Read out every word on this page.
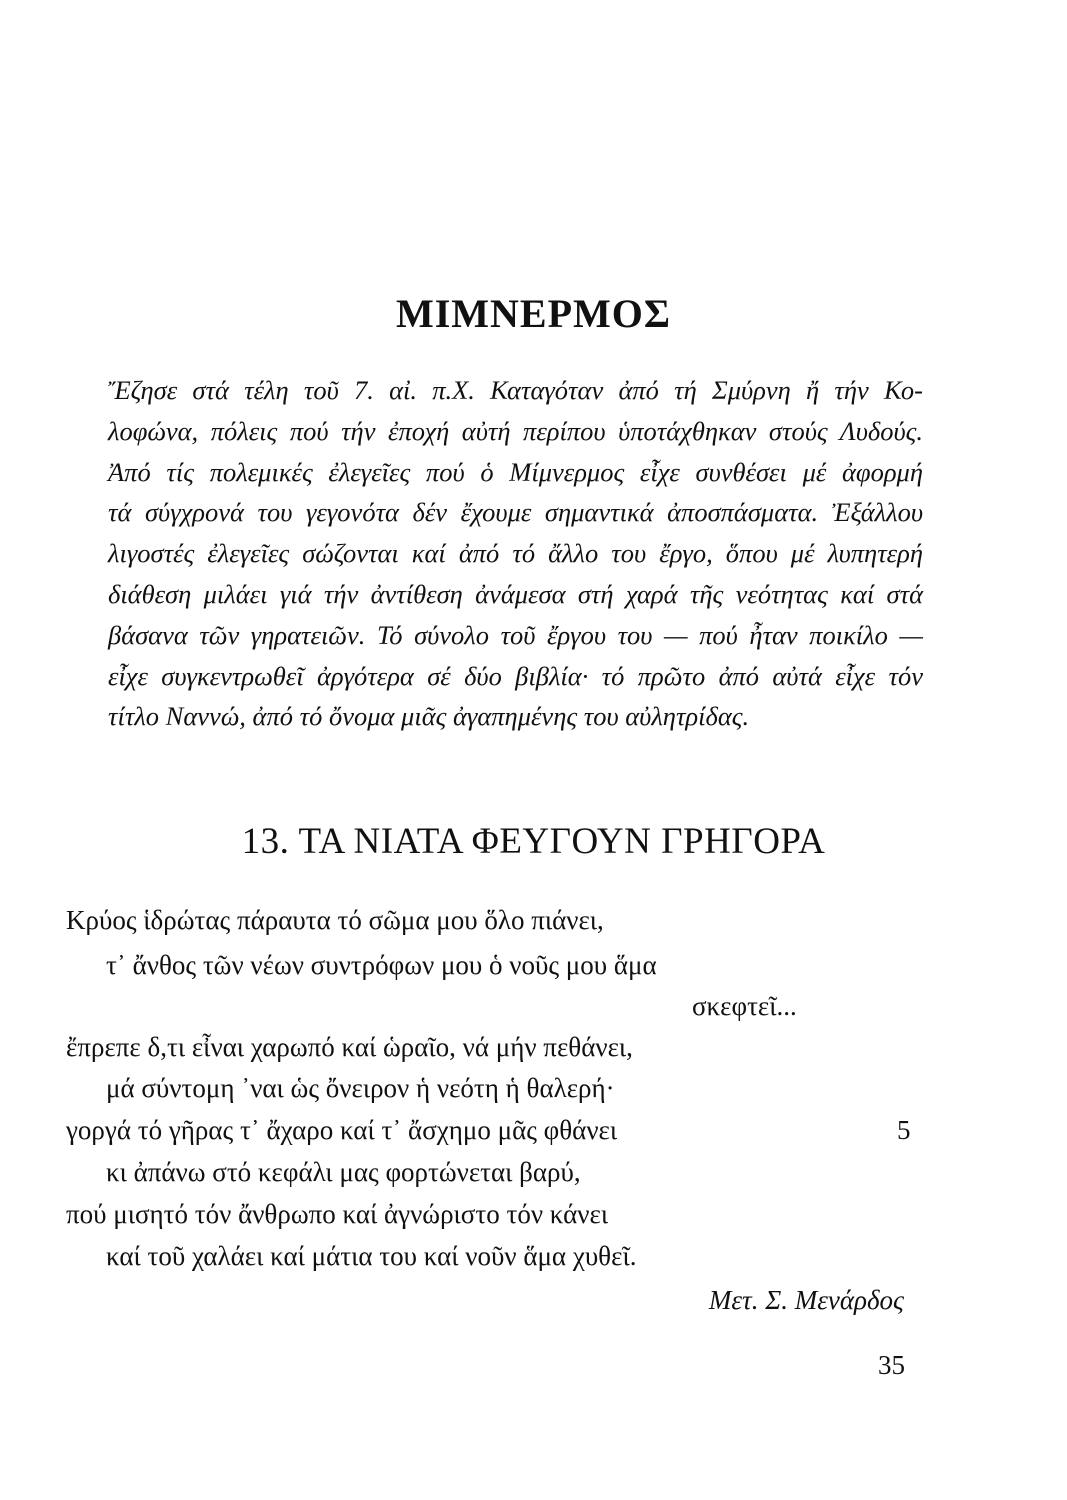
ΜΙΜΝΕΡΜΟΣ
Ἔζησε στά τέλη τοῦ 7. αἰ. π.Χ. Καταγόταν ἀπό τή Σμύρνη ἤ τήν Κο-
λοφώνα, πόλεις πού τήν ἐποχή αὐτή περίπου ὑποτάχθηκαν στούς Λυδούς.
Ἀπό τίς πολεμικές ἐλεγεῖες πού ὁ Μίμνερμος εἶχε συνθέσει μέ ἀφορμή
τά σύγχρονά του γεγονότα δέν ἔχουμε σημαντικά ἀποσπάσματα. Ἐξάλλου
λιγοστές ἐλεγεῖες σώζονται καί ἀπό τό ἄλλο του ἔργο, ὅπου μέ λυπητερή
διάθεση μιλάει γιά τήν ἀντίθεση ἀνάμεσα στή χαρά τῆς νεότητας καί στά
βάσανα τῶν γηρατειῶν. Τό σύνολο τοῦ ἔργου του — πού ἦταν ποικίλο —
εἶχε συγκεντρωθεῖ ἀργότερα σέ δύο βιβλία· τό πρῶτο ἀπό αὐτά εἶχε τόν
τίτλο Ναννώ, ἀπό τό ὄνομα μιᾶς ἀγαπημένης του αὐλητρίδας.
13. ΤΑ ΝΙΑΤΑ ΦΕΥΓΟΥΝ ΓΡΗΓΟΡΑ

Κρύος ἱδρώτας πάραυτα τό σῶμα μου ὅλο πιάνει,

τ᾿ ἄνθος τῶν νέων συντρόφων μου ὁ νοῦς μου ἅμα

σκεφτεῖ...

ἔπρεπε δ,τι εἶναι χαρωπό καί ὡραῖο, νά μήν πεθάνει,

μά σύντομη ᾿ναι ὡς ὄνειρον ἡ νεότη ἡ θαλερή·

γοργά τό γῆρας τ᾿ ἄχαρο καί τ᾿ ἄσχημο μᾶς φθάνει

κι ἀπάνω στό κεφάλι μας φορτώνεται βαρύ,

πού μισητό τόν ἄνθρωπο καί ἀγνώριστο τόν κάνει

καί τοῦ χαλάει καί μάτια του καί νοῦν ἅμα χυθεῖ.

5

Μετ. Σ. Μενάρδος

35
